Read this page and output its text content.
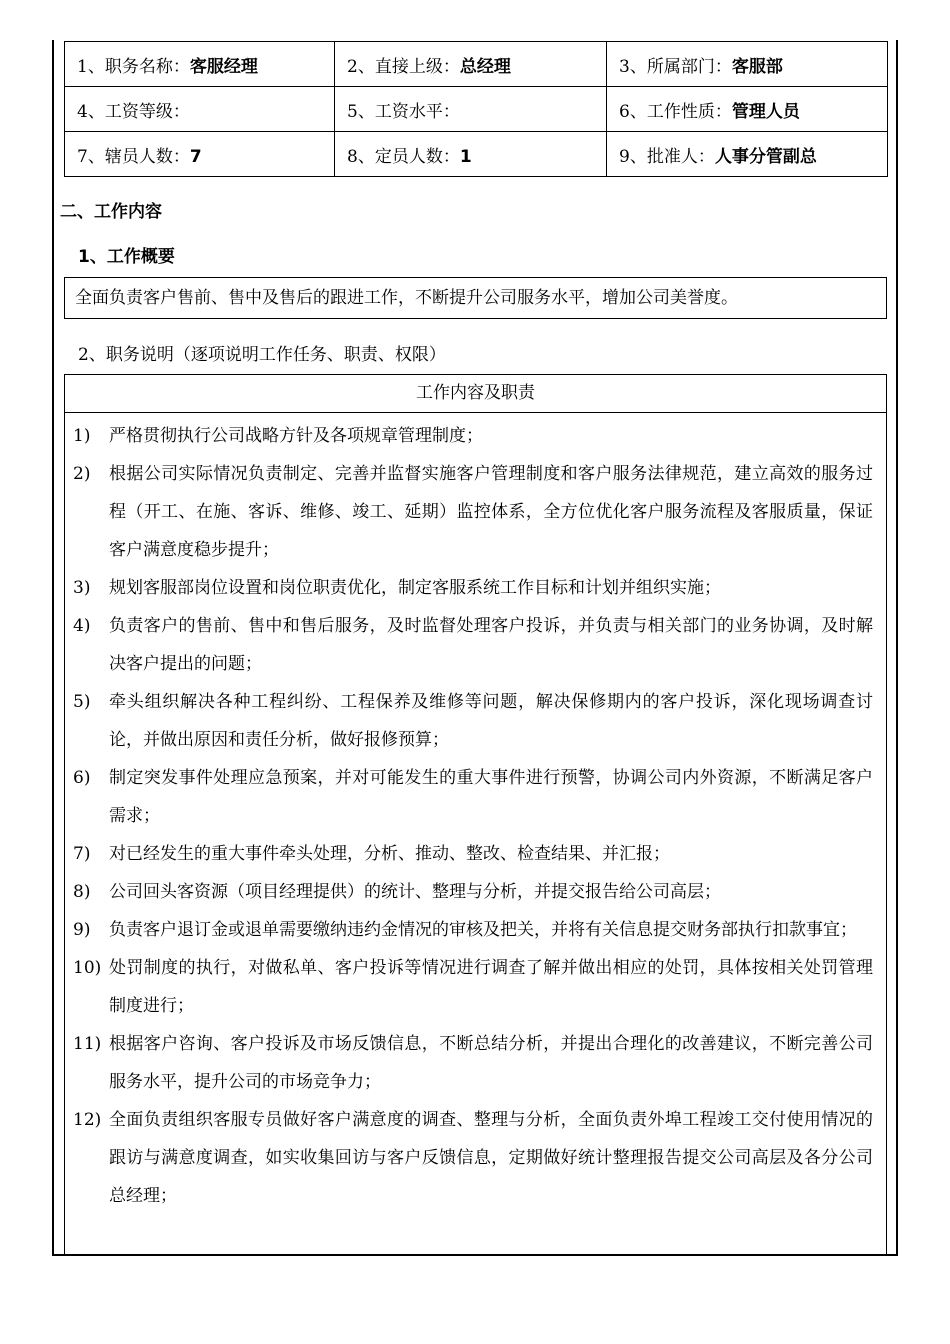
1、职务名称：客服经理	2、直接上级：总经理	3、所属部门：客服部
4、工资等级：	5、工资水平：	6、工作性质：管理人员
7、辖员人数：7	8、定员人数：1	9、批准人：人事分管副总
二、工作内容
1、工作概要
全面负责客户售前、售中及售后的跟进工作，不断提升公司服务水平，增加公司美誉度。
2、职务说明（逐项说明工作任务、职责、权限）
工作内容及职责
1)	严格贯彻执行公司战略方针及各项规章管理制度；
2)	根据公司实际情况负责制定、完善并监督实施客户管理制度和客户服务法律规范，建立高效的服务过程（开工、在施、客诉、维修、竣工、延期）监控体系，全方位优化客户服务流程及客服质量，保证客户满意度稳步提升；
3)	规划客服部岗位设置和岗位职责优化，制定客服系统工作目标和计划并组织实施；
4)	负责客户的售前、售中和售后服务，及时监督处理客户投诉，并负责与相关部门的业务协调，及时解决客户提出的问题；
5)	牵头组织解决各种工程纠纷、工程保养及维修等问题，解决保修期内的客户投诉，深化现场调查讨论，并做出原因和责任分析，做好报修预算；
6)	制定突发事件处理应急预案，并对可能发生的重大事件进行预警，协调公司内外资源，不断满足客户需求；
7)	对已经发生的重大事件牵头处理，分析、推动、整改、检查结果、并汇报；
8)	公司回头客资源（项目经理提供）的统计、整理与分析，并提交报告给公司高层；
9)	负责客户退订金或退单需要缴纳违约金情况的审核及把关，并将有关信息提交财务部执行扣款事宜；
10) 处罚制度的执行，对做私单、客户投诉等情况进行调查了解并做出相应的处罚，具体按相关处罚管理制度进行；
11) 根据客户咨询、客户投诉及市场反馈信息，不断总结分析，并提出合理化的改善建议，不断完善公司服务水平，提升公司的市场竞争力；
12) 全面负责组织客服专员做好客户满意度的调查、整理与分析，全面负责外埠工程竣工交付使用情况的跟访与满意度调查，如实收集回访与客户反馈信息，定期做好统计整理报告提交公司高层及各分公司总经理；
